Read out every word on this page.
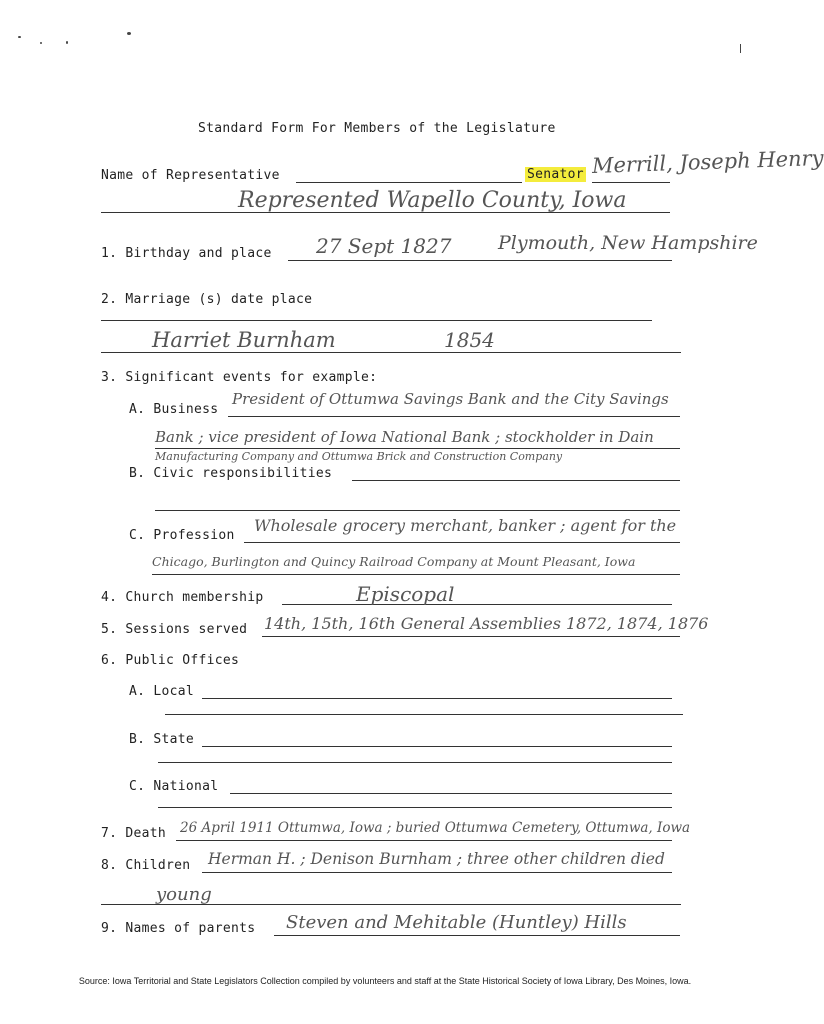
Standard Form For Members of the Legislature
Name of Representative	Senator Merrill, Joseph Henry
Represented Wapello County, Iowa
1. Birthday and place 27 Sept 1827 Plymouth, New Hampshire
2. Marriage (s) date place
Harriet Burnham	1854
3. Significant events for example:
A. Business
President of Ottumwa Savings Bank and the City Savings
Bank ; vice president of Iowa National Bank ; stockholder in Dain
Manufacturing Company and Ottumwa Brick and Construction Company
B. Civic responsibilities
C. Profession
Wholesale grocery merchant, banker ; agent for the
Chicago, Burlington and Quincy Railroad Company at Mount Pleasant, Iowa
4. Church membership	Episcopal
5. Sessions served 14th, 15th, 16th General Assemblies 1872, 1874, 1876
6. Public Offices
A. Local
B. State
C. National
7. Death 26 April 1911 Ottumwa, Iowa ; buried Ottumwa Cemetery, Ottumwa, Iowa
8. Children Herman H. ; Denison Burnham ; three other children died
young
9. Names of parents Steven and Mehitable (Huntley) Hills
Source: Iowa Territorial and State Legislators Collection compiled by volunteers and staff at the State Historical Society of Iowa Library, Des Moines, Iowa.
